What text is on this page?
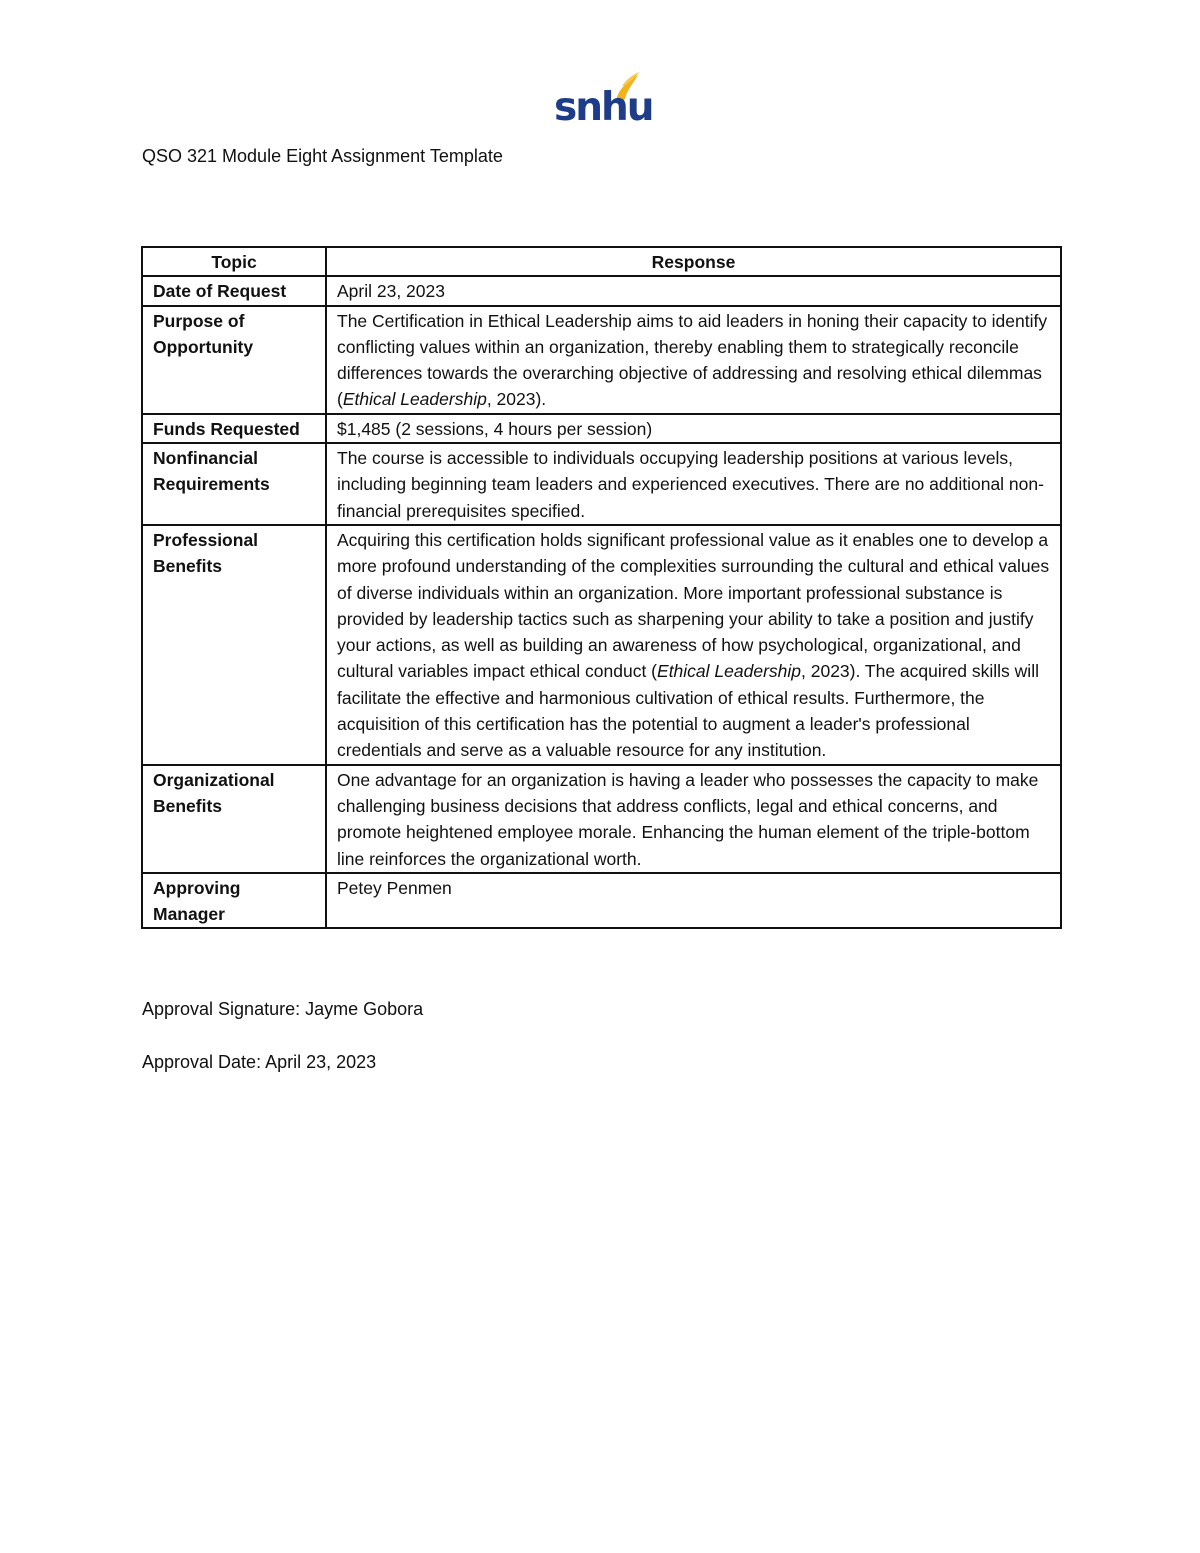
snhu
QSO 321 Module Eight Assignment Template
Topic	Response
Date of Request	April 23, 2023
Purpose of Opportunity	The Certification in Ethical Leadership aims to aid leaders in honing their capacity to identify conflicting values within an organization, thereby enabling them to strategically reconcile differences towards the overarching objective of addressing and resolving ethical dilemmas (Ethical Leadership, 2023).
Funds Requested	$1,485 (2 sessions, 4 hours per session)
Nonfinancial Requirements	The course is accessible to individuals occupying leadership positions at various levels, including beginning team leaders and experienced executives. There are no additional non-financial prerequisites specified.
Professional Benefits	Acquiring this certification holds significant professional value as it enables one to develop a more profound understanding of the complexities surrounding the cultural and ethical values of diverse individuals within an organization. More important professional substance is provided by leadership tactics such as sharpening your ability to take a position and justify your actions, as well as building an awareness of how psychological, organizational, and cultural variables impact ethical conduct (Ethical Leadership, 2023). The acquired skills will facilitate the effective and harmonious cultivation of ethical results. Furthermore, the acquisition of this certification has the potential to augment a leader's professional credentials and serve as a valuable resource for any institution.
Organizational Benefits	One advantage for an organization is having a leader who possesses the capacity to make challenging business decisions that address conflicts, legal and ethical concerns, and promote heightened employee morale. Enhancing the human element of the triple-bottom line reinforces the organizational worth.
Approving Manager	Petey Penmen
Approval Signature: Jayme Gobora
Approval Date: April 23, 2023
